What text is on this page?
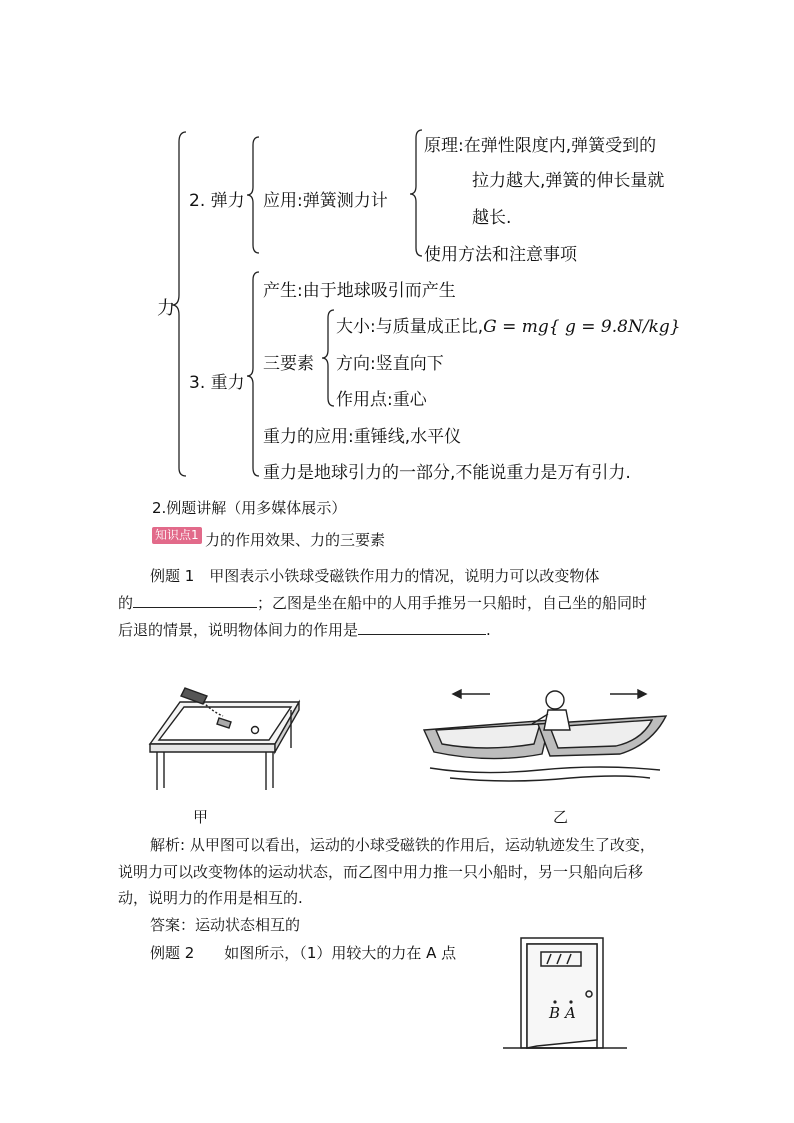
力
2. 弹力 应用:弹簧测力计
原理:在弹性限度内,弹簧受到的
拉力越大,弹簧的伸长量就
越长.
使用方法和注意事项
3. 重力
产生:由于地球吸引而产生
三要素
大小:与质量成正比,G = mg{ g = 9.8N/kg}
方向:竖直向下
作用点:重心
重力的应用:重锤线,水平仪
重力是地球引力的一部分,不能说重力是万有引力.
2.例题讲解（用多媒体展示）
知识点1 力的作用效果、力的三要素
例题 1　甲图表示小铁球受磁铁作用力的情况，说明力可以改变物体
的	；乙图是坐在船中的人用手推另一只船时，自己坐的船同时
后退的情景，说明物体间力的作用是	.
甲	乙
解析: 从甲图可以看出，运动的小球受磁铁的作用后，运动轨迹发生了改变，
说明力可以改变物体的运动状态，而乙图中用力推一只小船时，另一只船向后移
动，说明力的作用是相互的.
答案：运动状态相互的
例题 2　　如图所示，（1）用较大的力在 A 点
B A
